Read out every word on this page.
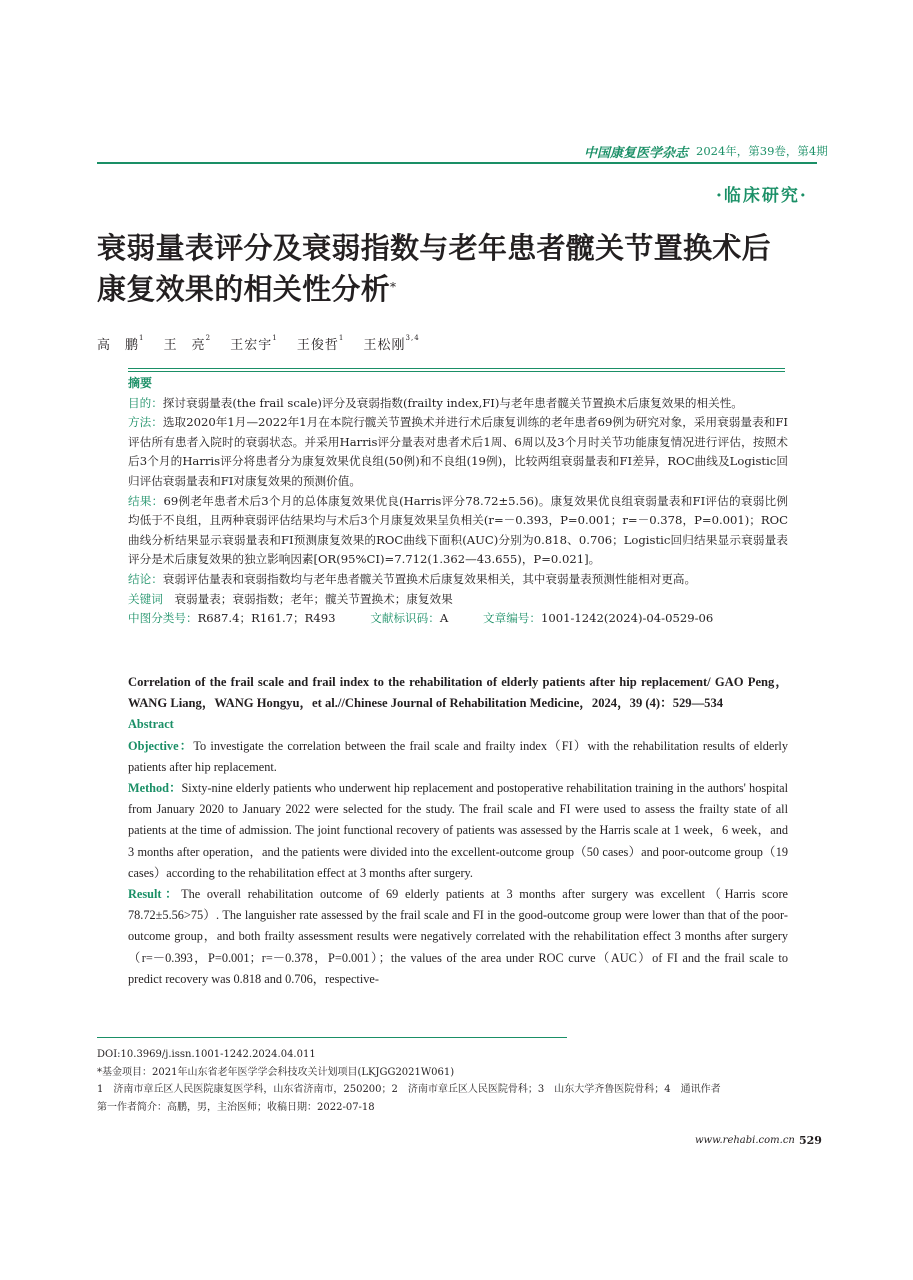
中国康复医学杂志 2024年，第39卷，第4期
·临床研究·
衰弱量表评分及衰弱指数与老年患者髋关节置换术后
康复效果的相关性分析*
高　鹏$^1$ 王　亮$^2$ 王宏宇$^1$ 王俊哲$^1$ 王松刚$^{3,4}$

摘要

目的：探讨衰弱量表(the frail scale)评分及衰弱指数(frailty index,FI)与老年患者髋关节置换术后康复效果的相关性。

方法：选取2020年1月—2022年1月在本院行髋关节置换术并进行术后康复训练的老年患者69例为研究对象，采用衰弱量表和FI评估所有患者入院时的衰弱状态。并采用Harris评分量表对患者术后1周、6周以及3个月时关节功能康复情况进行评估，按照术后3个月的Harris评分将患者分为康复效果优良组(50例)和不良组(19例)，比较两组衰弱量表和FI差异，ROC曲线及Logistic回归评估衰弱量表和FI对康复效果的预测价值。

结果：69例老年患者术后3个月的总体康复效果优良(Harris评分78.72±5.56)。康复效果优良组衰弱量表和FI评估的衰弱比例均低于不良组，且两种衰弱评估结果均与术后3个月康复效果呈负相关(r=－0.393，P=0.001；r=－0.378，P=0.001)；ROC曲线分析结果显示衰弱量表和FI预测康复效果的ROC曲线下面积(AUC)分别为0.818、0.706；Logistic回归结果显示衰弱量表评分是术后康复效果的独立影响因素[OR(95%CI)=7.712(1.362—43.655)，P=0.021]。

结论：衰弱评估量表和衰弱指数均与老年患者髋关节置换术后康复效果相关，其中衰弱量表预测性能相对更高。

关键词　 衰弱量表；衰弱指数；老年；髋关节置换术；康复效果

中图分类号：R687.4；R161.7；R493　　　	文献标识码：A　　　	文章编号：1001-1242(2024)-04-0529-06

Correlation of the frail scale and frail index to the rehabilitation of elderly patients after hip replacement/ GAO Peng，WANG Liang，WANG Hongyu，et al.//Chinese Journal of Rehabilitation Medicine，2024，39 (4)：529—534

Abstract

Objective：To investigate the correlation between the frail scale and frailty index（FI）with the rehabilitation results of elderly patients after hip replacement.

Method：Sixty-nine elderly patients who underwent hip replacement and postoperative rehabilitation training in the authors' hospital from January 2020 to January 2022 were selected for the study. The frail scale and FI were used to assess the frailty state of all patients at the time of admission. The joint functional recovery of patients was assessed by the Harris scale at 1 week，6 week，and 3 months after operation，and the patients were divided into the excellent-outcome group（50 cases）and poor-outcome group（19 cases）according to the rehabilitation effect at 3 months after surgery.

Result：The overall rehabilitation outcome of 69 elderly patients at 3 months after surgery was excellent（Harris score 78.72±5.56>75）. The languisher rate assessed by the frail scale and FI in the good-outcome group were lower than that of the poor-outcome group，and both frailty assessment results were negatively correlated with the rehabilitation effect 3 months after surgery（r=－0.393，P=0.001；r=－0.378，P=0.001）；the values of the area under ROC curve（AUC）of FI and the frail scale to predict recovery was 0.818 and 0.706，respective-

DOI:10.3969/j.issn.1001-1242.2024.04.011

*基金项目：2021年山东省老年医学学会科技攻关计划项目(LKJGG2021W061)

1　济南市章丘区人民医院康复医学科，山东省济南市，250200；2　济南市章丘区人民医院骨科；3　山东大学齐鲁医院骨科；4　通讯作者

第一作者简介：高鹏，男，主治医师；收稿日期：2022-07-18

www.rehabi.com.cn 529
